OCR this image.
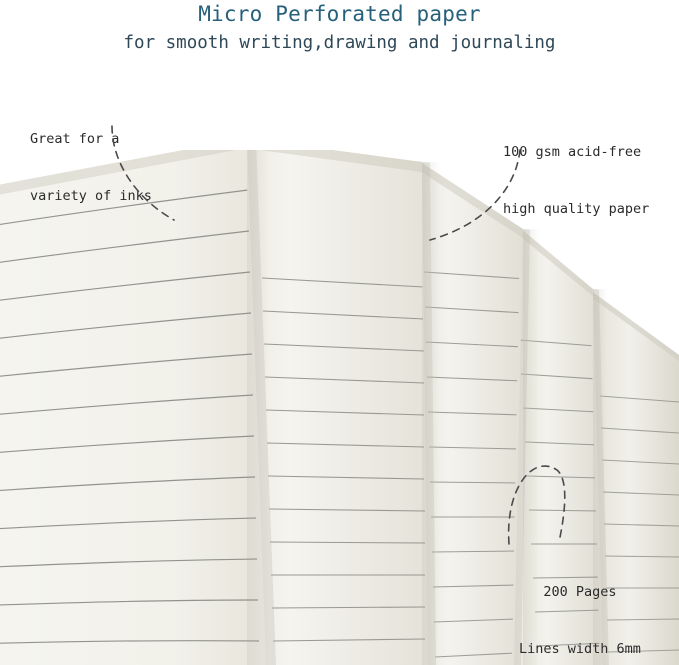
Micro Perforated paper
for smooth writing,drawing and journaling

Great for a

variety of inks

100 gsm acid-free

high quality paper

200 Pages

Lines width 6mm
